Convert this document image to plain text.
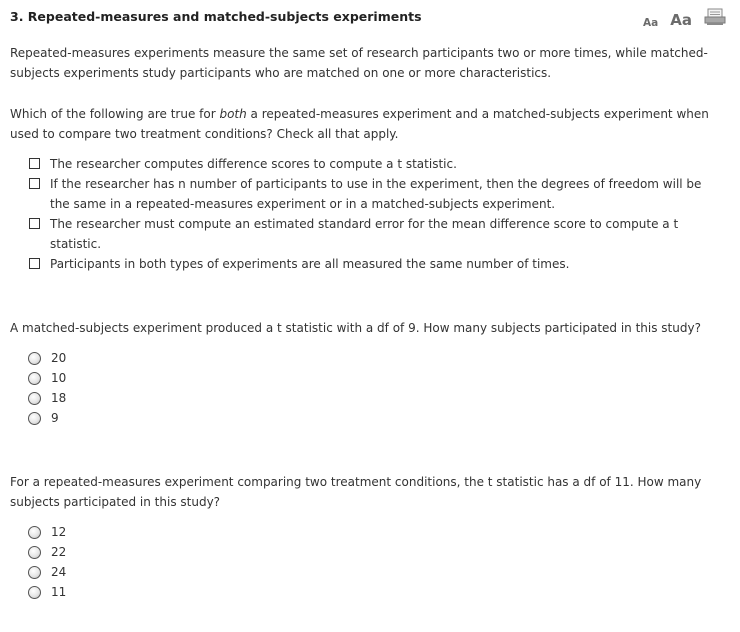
3. Repeated-measures and matched-subjects experiments	Aa Aa

Repeated-measures experiments measure the same set of research participants two or more times, while matched-subjects experiments study participants who are matched on one or more characteristics.

Which of the following are true for both a repeated-measures experiment and a matched-subjects experiment when used to compare two treatment conditions? Check all that apply.

The researcher computes difference scores to compute a t statistic.
If the researcher has n number of participants to use in the experiment, then the degrees of freedom will be the same in a repeated-measures experiment or in a matched-subjects experiment.
The researcher must compute an estimated standard error for the mean difference score to compute a t statistic.
Participants in both types of experiments are all measured the same number of times.

A matched-subjects experiment produced a t statistic with a df of 9. How many subjects participated in this study?

20
10
18
9

For a repeated-measures experiment comparing two treatment conditions, the t statistic has a df of 11. How many subjects participated in this study?

12
22
24
11
